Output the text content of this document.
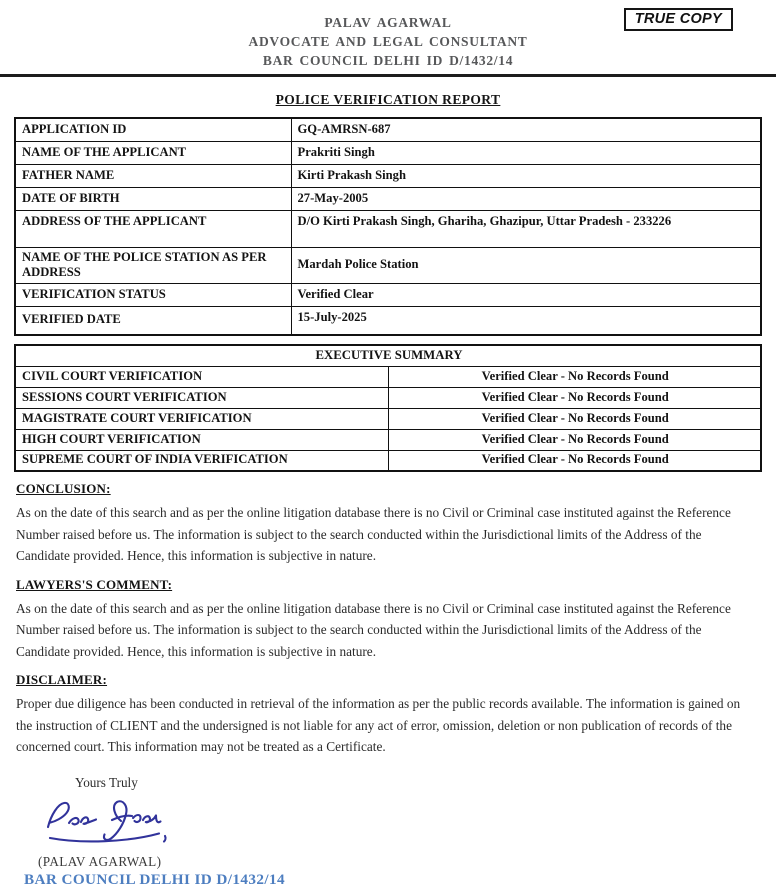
TRUE COPY
PALAV AGARWAL
ADVOCATE AND LEGAL CONSULTANT
BAR COUNCIL DELHI ID D/1432/14
POLICE VERIFICATION REPORT
APPLICATION ID	GQ-AMRSN-687
NAME OF THE APPLICANT	Prakriti Singh
FATHER NAME	Kirti Prakash Singh
DATE OF BIRTH	27-May-2005
ADDRESS OF THE APPLICANT	D/O Kirti Prakash Singh, Ghariha, Ghazipur, Uttar Pradesh - 233226
NAME OF THE POLICE STATION AS PER ADDRESS	Mardah Police Station
VERIFICATION STATUS	Verified Clear
VERIFIED DATE	15-July-2025
EXECUTIVE SUMMARY	
CIVIL COURT VERIFICATION	Verified Clear - No Records Found
SESSIONS COURT VERIFICATION	Verified Clear - No Records Found
MAGISTRATE COURT VERIFICATION	Verified Clear - No Records Found
HIGH COURT VERIFICATION	Verified Clear - No Records Found
SUPREME COURT OF INDIA VERIFICATION	Verified Clear - No Records Found
CONCLUSION:

As on the date of this search and as per the online litigation database there is no Civil or Criminal case instituted against the Reference Number raised before us. The information is subject to the search conducted within the Jurisdictional limits of the Address of the Candidate provided. Hence, this information is subjective in nature.

LAWYERS'S COMMENT:

As on the date of this search and as per the online litigation database there is no Civil or Criminal case instituted against the Reference Number raised before us. The information is subject to the search conducted within the Jurisdictional limits of the Address of the Candidate provided. Hence, this information is subjective in nature.

DISCLAIMER:

Proper due diligence has been conducted in retrieval of the information as per the public records available. The information is gained on the instruction of CLIENT and the undersigned is not liable for any act of error, omission, deletion or non publication of records of the concerned court. This information may not be treated as a Certificate.

Yours Truly
(PALAV AGARWAL)
BAR COUNCIL DELHI ID D/1432/14
